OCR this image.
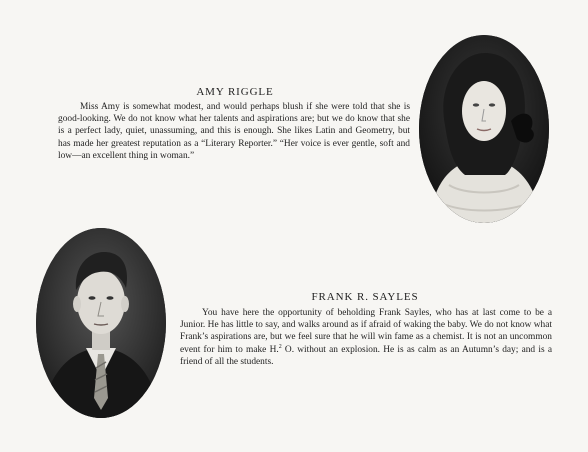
AMY RIGGLE
Miss Amy is somewhat modest, and would perhaps blush if she were told that she is good-looking. We do not know what her talents and aspirations are; but we do know that she is a perfect lady, quiet, unassuming, and this is enough. She likes Latin and Geometry, but has made her greatest reputation as a “Literary Reporter.” “Her voice is ever gentle, soft and low—an excellent thing in woman.”
FRANK R. SAYLES
You have here the opportunity of beholding Frank Sayles, who has at last come to be a Junior. He has little to say, and walks around as if afraid of waking the baby. We do not know what Frank’s aspirations are, but we feel sure that he will win fame as a chemist. It is not an uncommon event for him to make H.$^2$ O. without an explosion. He is as calm as an Autumn’s day; and is a friend of all the students.
